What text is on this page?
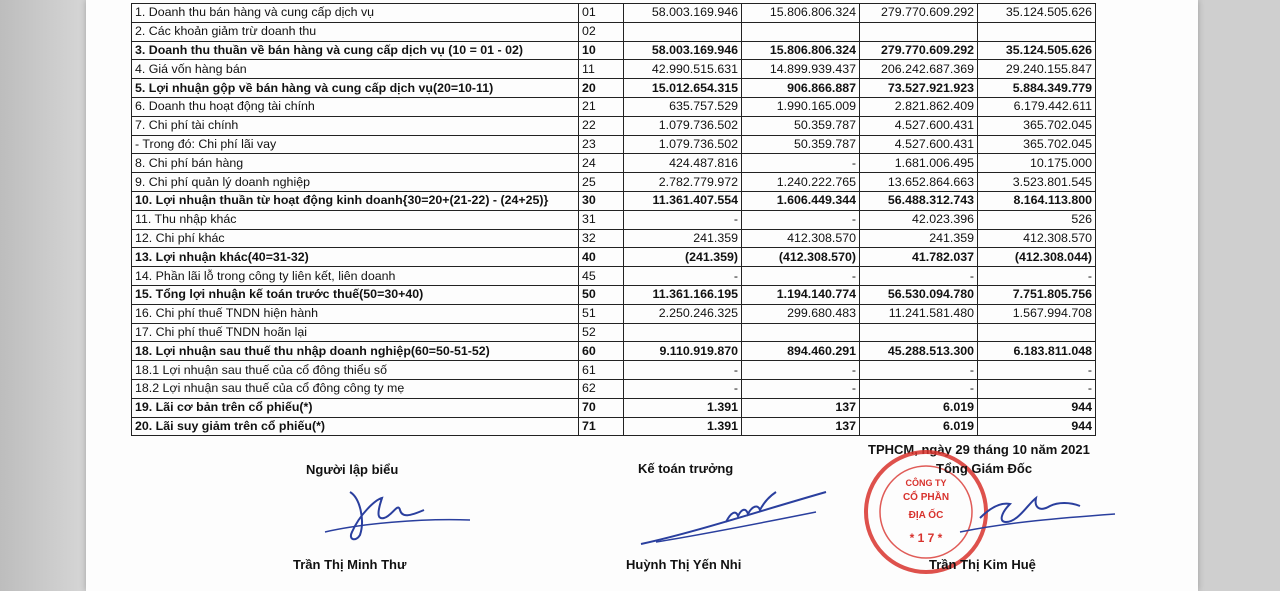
1. Doanh thu bán hàng và cung cấp dịch vụ	01	58.003.169.946	15.806.806.324	279.770.609.292	35.124.505.626
2. Các khoản giảm trừ doanh thu	02				
3. Doanh thu thuần về bán hàng và cung cấp dịch vụ (10 = 01 - 02)	10	58.003.169.946	15.806.806.324	279.770.609.292	35.124.505.626
4. Giá vốn hàng bán	11	42.990.515.631	14.899.939.437	206.242.687.369	29.240.155.847
5. Lợi nhuận gộp về bán hàng và cung cấp dịch vụ(20=10-11)	20	15.012.654.315	906.866.887	73.527.921.923	5.884.349.779
6. Doanh thu hoạt động tài chính	21	635.757.529	1.990.165.009	2.821.862.409	6.179.442.611
7. Chi phí tài chính	22	1.079.736.502	50.359.787	4.527.600.431	365.702.045
- Trong đó: Chi phí lãi vay	23	1.079.736.502	50.359.787	4.527.600.431	365.702.045
8. Chi phí bán hàng	24	424.487.816	-	1.681.006.495	10.175.000
9. Chi phí quản lý doanh nghiệp	25	2.782.779.972	1.240.222.765	13.652.864.663	3.523.801.545
10. Lợi nhuận thuần từ hoạt động kinh doanh{30=20+(21-22) - (24+25)}	30	11.361.407.554	1.606.449.344	56.488.312.743	8.164.113.800
11. Thu nhập khác	31	-	-	42.023.396	526
12. Chi phí khác	32	241.359	412.308.570	241.359	412.308.570
13. Lợi nhuận khác(40=31-32)	40	(241.359)	(412.308.570)	41.782.037	(412.308.044)
14. Phần lãi lỗ trong công ty liên kết, liên doanh	45	-	-	-	-
15. Tổng lợi nhuận kế toán trước thuế(50=30+40)	50	11.361.166.195	1.194.140.774	56.530.094.780	7.751.805.756
16. Chi phí thuế TNDN hiện hành	51	2.250.246.325	299.680.483	11.241.581.480	1.567.994.708
17. Chi phí thuế TNDN hoãn lại	52				
18. Lợi nhuận sau thuế thu nhập doanh nghiệp(60=50-51-52)	60	9.110.919.870	894.460.291	45.288.513.300	6.183.811.048
18.1 Lợi nhuận sau thuế của cổ đông thiểu số	61	-	-	-	-
18.2 Lợi nhuận sau thuế của cổ đông công ty mẹ	62	-	-	-	-
19. Lãi cơ bản trên cổ phiếu(*)	70	1.391	137	6.019	944
20. Lãi suy giảm trên cổ phiếu(*)	71	1.391	137	6.019	944
TPHCM, ngày 29 tháng 10 năm 2021
Người lập biểu
Trần Thị Minh Thư
Kế toán trưởng
Huỳnh Thị Yến Nhi
CÔNG TY
CỔ PHẦN
ĐỊA ỐC
* 1 7 *
Tổng Giám Đốc
Trần Thị Kim Huệ
